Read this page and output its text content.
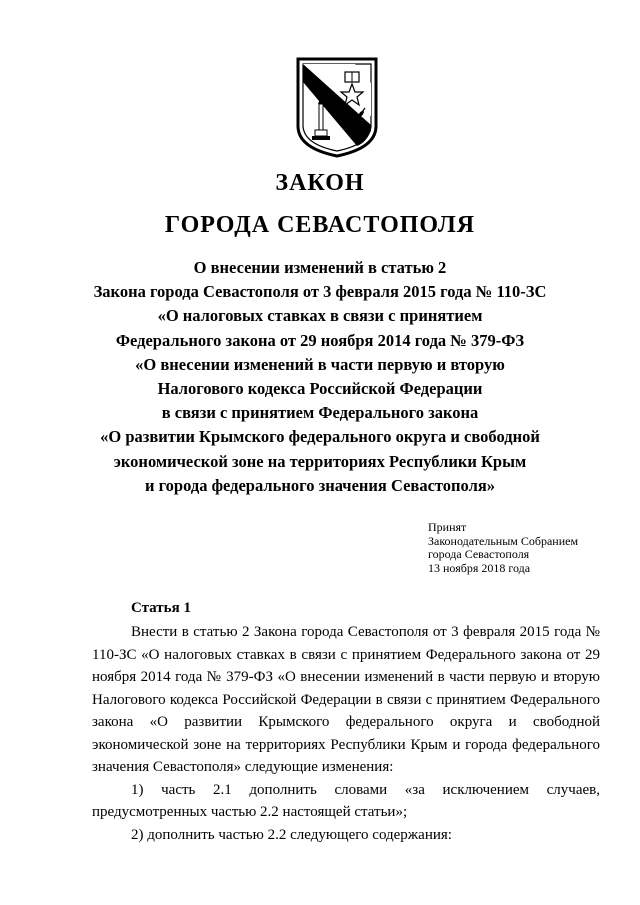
ЗАКОН
ГОРОДА СЕВАСТОПОЛЯ
О внесении изменений в статью 2
Закона города Севастополя от 3 февраля 2015 года № 110-ЗС
«О налоговых ставках в связи с принятием
Федерального закона от 29 ноября 2014 года № 379-ФЗ
«О внесении изменений в части первую и вторую
Налогового кодекса Российской Федерации
в связи с принятием Федерального закона
«О развитии Крымского федерального округа и свободной
экономической зоне на территориях Республики Крым
и города федерального значения Севастополя»
Принят
Законодательным Собранием
города Севастополя
13 ноября 2018 года
Статья 1

Внести в статью 2 Закона города Севастополя от 3 февраля 2015 года № 110-ЗС «О налоговых ставках в связи с принятием Федерального закона от 29 ноября 2014 года № 379-ФЗ «О внесении изменений в части первую и вторую Налогового кодекса Российской Федерации в связи с принятием Федерального закона «О развитии Крымского федерального округа и свободной экономической зоне на территориях Республики Крым и города федерального значения Севастополя» следующие изменения:

1) часть 2.1 дополнить словами «за исключением случаев, предусмотренных частью 2.2 настоящей статьи»;

2) дополнить частью 2.2 следующего содержания:
